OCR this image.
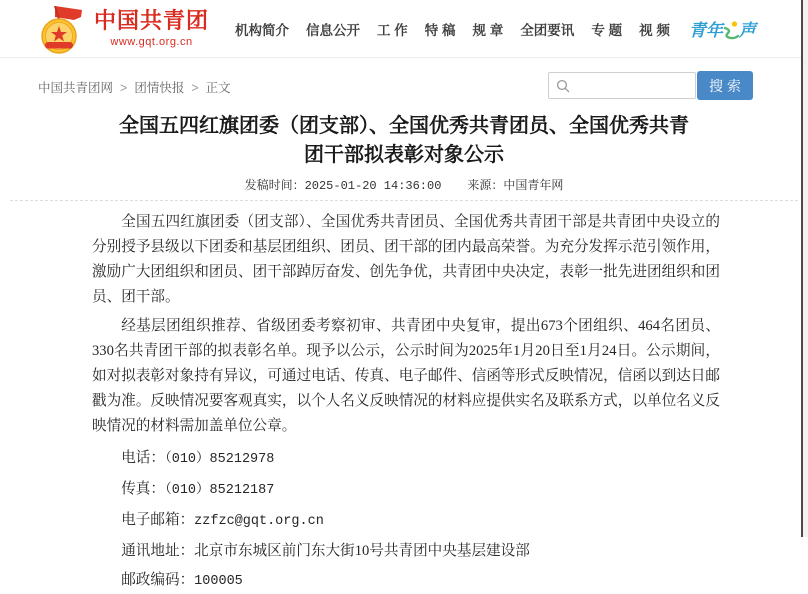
中国共青团
www.gqt.org.cn
机构简介 信息公开 工 作 特 稿 规 章 全团要讯 专 题 视 频 青年 声
中国共青团网 > 团情快报 > 正文	搜索
全国五四红旗团委（团支部）、全国优秀共青团员、全国优秀共青团干部拟表彰对象公示
发稿时间：2025-01-20 14:36:00 来源：中国青年网

全国五四红旗团委（团支部）、全国优秀共青团员、全国优秀共青团干部是共青团中央设立的分别授予县级以下团委和基层团组织、团员、团干部的团内最高荣誉。为充分发挥示范引领作用，激励广大团组织和团员、团干部踔厉奋发、创先争优，共青团中央决定，表彰一批先进团组织和团员、团干部。

经基层团组织推荐、省级团委考察初审、共青团中央复审，提出673个团组织、464名团员、330名共青团干部的拟表彰名单。现予以公示，公示时间为2025年1月20日至1月24日。公示期间，如对拟表彰对象持有异议，可通过电话、传真、电子邮件、信函等形式反映情况，信函以到达日邮戳为准。反映情况要客观真实，以个人名义反映情况的材料应提供实名及联系方式，以单位名义反映情况的材料需加盖单位公章。

电话：（010）85212978
传真：（010）85212187
电子邮箱：zzfzc@gqt.org.cn
通讯地址：北京市东城区前门东大街10号共青团中央基层建设部
邮政编码：100005
